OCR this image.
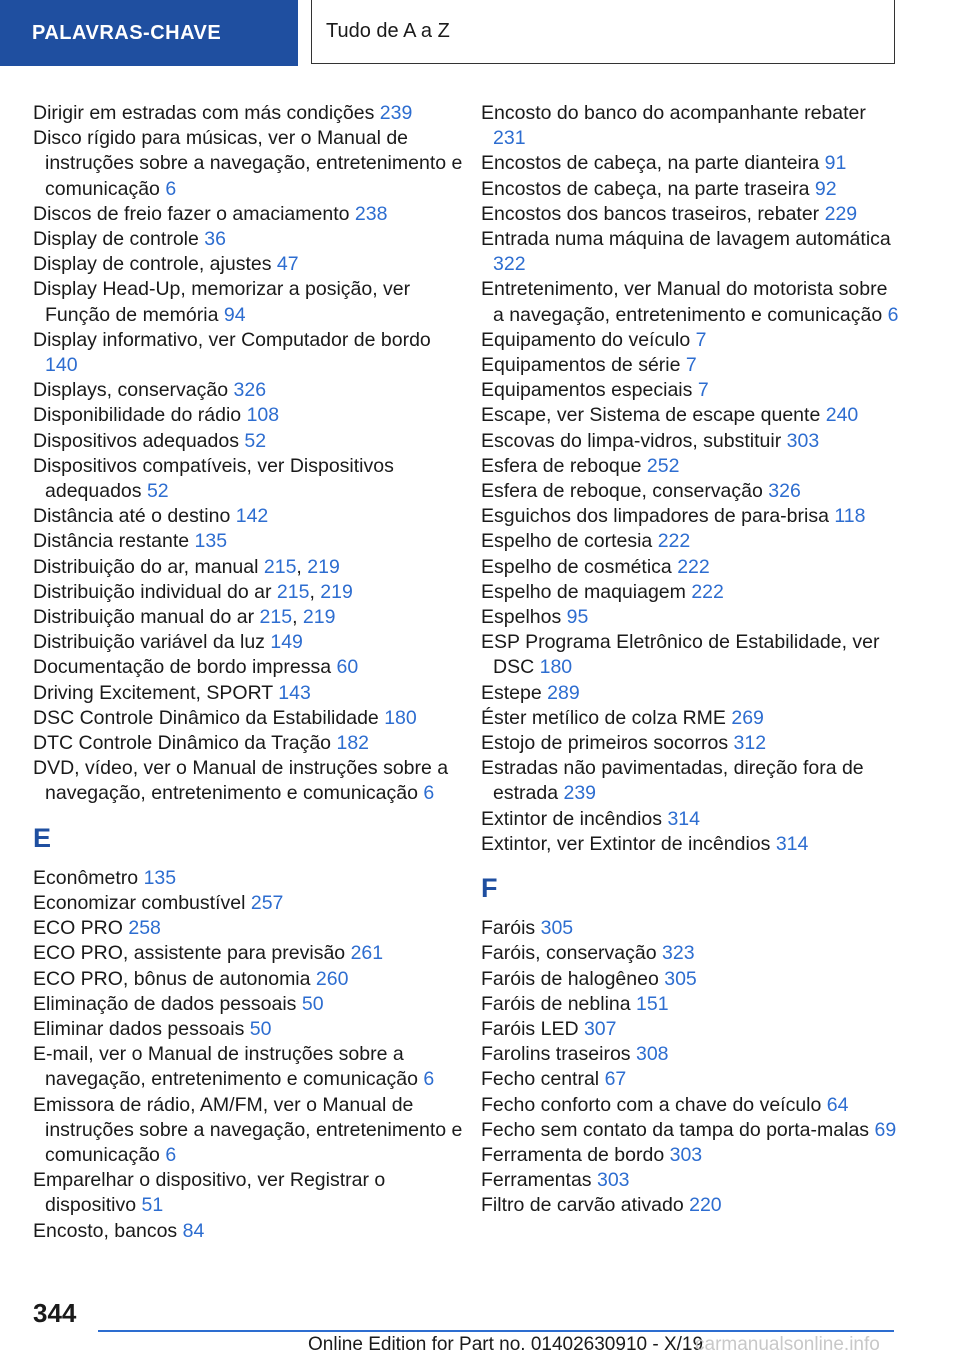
PALAVRAS-CHAVE	Tudo de A a Z
Dirigir em estradas com más condições 239
Disco rígido para músicas, ver o Manual de instruções sobre a navegação, entretenimento e comunicação 6
Discos de freio fazer o amaciamento 238
Display de controle 36
Display de controle, ajustes 47
Display Head-Up, memorizar a posição, ver Função de memória 94
Display informativo, ver Computador de bordo 140
Displays, conservação 326
Disponibilidade do rádio 108
Dispositivos adequados 52
Dispositivos compatíveis, ver Dispositivos adequados 52
Distância até o destino 142
Distância restante 135
Distribuição do ar, manual 215, 219
Distribuição individual do ar 215, 219
Distribuição manual do ar 215, 219
Distribuição variável da luz 149
Documentação de bordo impressa 60
Driving Excitement, SPORT 143
DSC Controle Dinâmico da Estabilidade 180
DTC Controle Dinâmico da Tração 182
DVD, vídeo, ver o Manual de instruções sobre a navegação, entretenimento e comunicação 6
E
Econômetro 135
Economizar combustível 257
ECO PRO 258
ECO PRO, assistente para previsão 261
ECO PRO, bônus de autonomia 260
Eliminação de dados pessoais 50
Eliminar dados pessoais 50
E-mail, ver o Manual de instruções sobre a navegação, entretenimento e comunicação 6
Emissora de rádio, AM/FM, ver o Manual de instruções sobre a navegação, entretenimento e comunicação 6
Emparelhar o dispositivo, ver Registrar o dispositivo 51
Encosto, bancos 84
Encosto do banco do acompanhante rebater 231
Encostos de cabeça, na parte dianteira 91
Encostos de cabeça, na parte traseira 92
Encostos dos bancos traseiros, rebater 229
Entrada numa máquina de lavagem automática 322
Entretenimento, ver Manual do motorista sobre a navegação, entretenimento e comunicação 6
Equipamento do veículo 7
Equipamentos de série 7
Equipamentos especiais 7
Escape, ver Sistema de escape quente 240
Escovas do limpa-vidros, substituir 303
Esfera de reboque 252
Esfera de reboque, conservação 326
Esguichos dos limpadores de para-brisa 118
Espelho de cortesia 222
Espelho de cosmética 222
Espelho de maquiagem 222
Espelhos 95
ESP Programa Eletrônico de Estabilidade, ver DSC 180
Estepe 289
Éster metílico de colza RME 269
Estojo de primeiros socorros 312
Estradas não pavimentadas, direção fora de estrada 239
Extintor de incêndios 314
Extintor, ver Extintor de incêndios 314
F
Faróis 305
Faróis, conservação 323
Faróis de halogêneo 305
Faróis de neblina 151
Faróis LED 307
Farolins traseiros 308
Fecho central 67
Fecho conforto com a chave do veículo 64
Fecho sem contato da tampa do porta-malas 69
Ferramenta de bordo 303
Ferramentas 303
Filtro de carvão ativado 220
344
Online Edition for Part no. 01402630910 - X/19
carmanualsonline.info
